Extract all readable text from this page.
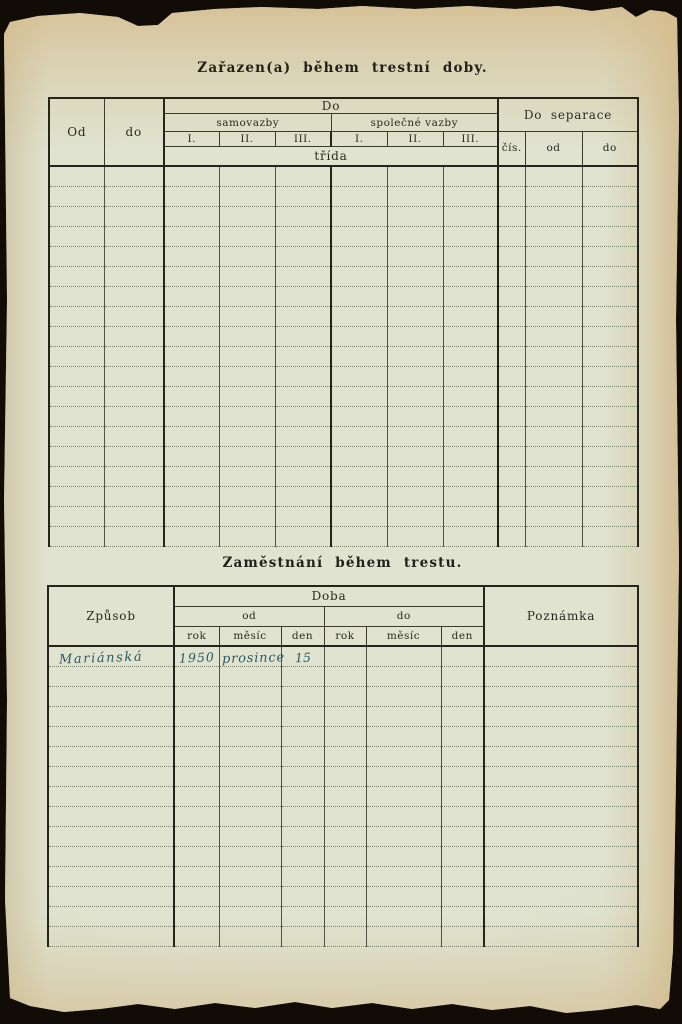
Zařazen(a) během trestní doby.
Od	do	Do						Do separace		
		samovazby			společné vazby					
		I.	II.	III.	I.	II.	III.	čís.	od	do
		třída								

Zaměstnání během trestu.
Způsob	Doba						Poznámka
	od			do			
	rok	měsíc	den	rok	měsíc	den	
Mariánská	1950	prosince	15				
